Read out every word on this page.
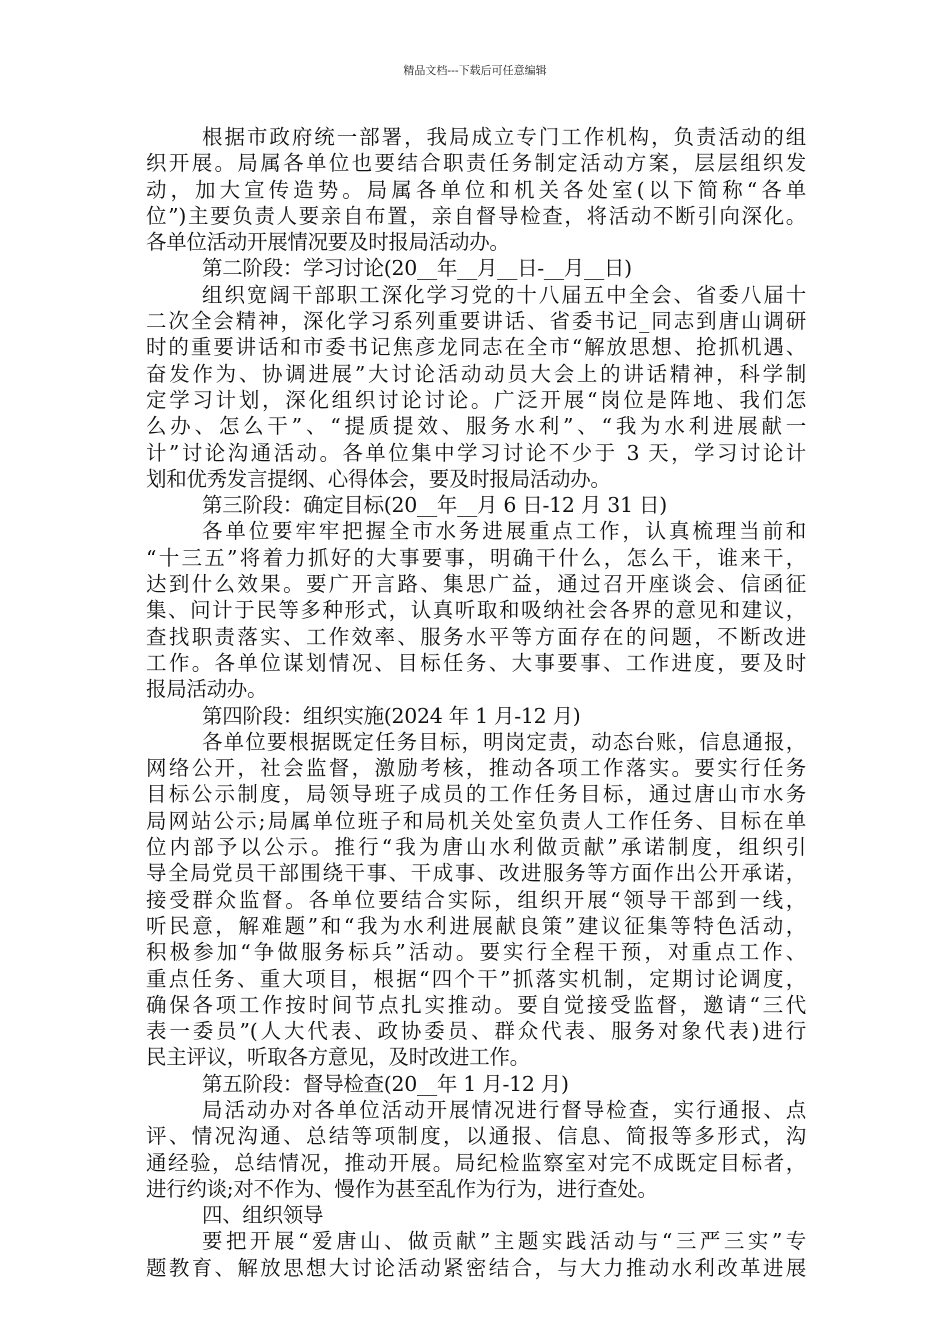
精品文档---下载后可任意编辑
根据市政府统一部署，我局成立专门工作机构，负责活动的组
织开展。局属各单位也要结合职责任务制定活动方案，层层组织发
动，加大宣传造势。局属各单位和机关各处室(以下简称“各单
位”)主要负责人要亲自布置，亲自督导检查，将活动不断引向深化。
各单位活动开展情况要及时报局活动办。
第二阶段：学习讨论(20__年__月__日-__月__日)
组织宽阔干部职工深化学习党的十八届五中全会、省委八届十
二次全会精神，深化学习系列重要讲话、省委书记_同志到唐山调研
时的重要讲话和市委书记焦彦龙同志在全市“解放思想、抢抓机遇、
奋发作为、协调进展”大讨论活动动员大会上的讲话精神，科学制
定学习计划，深化组织讨论讨论。广泛开展“岗位是阵地、我们怎
么办、怎么干”、“提质提效、服务水利”、“我为水利进展献一
计”讨论沟通活动。各单位集中学习讨论不少于 3 天，学习讨论计
划和优秀发言提纲、心得体会，要及时报局活动办。
第三阶段：确定目标(20__年__月 6 日-12 月 31 日)
各单位要牢牢把握全市水务进展重点工作，认真梳理当前和
“十三五”将着力抓好的大事要事，明确干什么，怎么干，谁来干，
达到什么效果。要广开言路、集思广益，通过召开座谈会、信函征
集、问计于民等多种形式，认真听取和吸纳社会各界的意见和建议，
查找职责落实、工作效率、服务水平等方面存在的问题，不断改进
工作。各单位谋划情况、目标任务、大事要事、工作进度，要及时
报局活动办。
第四阶段：组织实施(2024 年 1 月-12 月)
各单位要根据既定任务目标，明岗定责，动态台账，信息通报，
网络公开，社会监督，激励考核，推动各项工作落实。要实行任务
目标公示制度，局领导班子成员的工作任务目标，通过唐山市水务
局网站公示;局属单位班子和局机关处室负责人工作任务、目标在单
位内部予以公示。推行“我为唐山水利做贡献”承诺制度，组织引
导全局党员干部围绕干事、干成事、改进服务等方面作出公开承诺，
接受群众监督。各单位要结合实际，组织开展“领导干部到一线，
听民意，解难题”和“我为水利进展献良策”建议征集等特色活动，
积极参加“争做服务标兵”活动。要实行全程干预，对重点工作、
重点任务、重大项目，根据“四个干”抓落实机制，定期讨论调度，
确保各项工作按时间节点扎实推动。要自觉接受监督，邀请“三代
表一委员”(人大代表、政协委员、群众代表、服务对象代表)进行
民主评议，听取各方意见，及时改进工作。
第五阶段：督导检查(20__年 1 月-12 月)
局活动办对各单位活动开展情况进行督导检查，实行通报、点
评、情况沟通、总结等项制度，以通报、信息、简报等多形式，沟
通经验，总结情况，推动开展。局纪检监察室对完不成既定目标者，
进行约谈;对不作为、慢作为甚至乱作为行为，进行查处。
四、组织领导
要把开展“爱唐山、做贡献”主题实践活动与“三严三实”专
题教育、解放思想大讨论活动紧密结合，与大力推动水利改革进展
